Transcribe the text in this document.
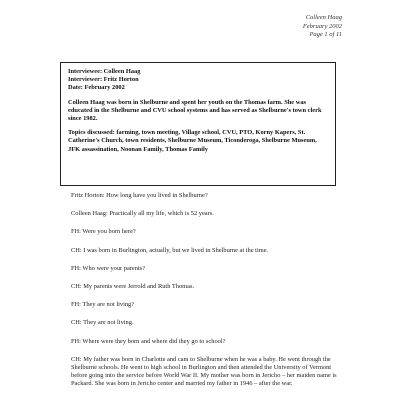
Colleen Haag
February 2002
Page 1 of 11

Interviewee: Colleen Haag

Interviewer: Fritz Horton

Date: February 2002

Colleen Haag was born in Shelburne and spent her youth on the Thomas farm. She was educated in the Shelburne and CVU school systems and has served as Shelburne's town clerk since 1982.

Topics discussed: farming, town meeting, Village school, CVU, PTO, Korny Kapers, St. Catherine's Church, town residents, Shelburne Museum, Ticonderoga, Shelburne Museum, JFK assassination, Noonan Family, Thomas Family

Fritz Horton: How long have you lived in Shelburne?

Colleen Haag: Practically all my life, which is 52 years.

FH: Were you born here?

CH: I was born in Burlington, actually, but we lived in Shelburne at the time.

FH: Who were your parents?

CH: My parents were Jerrold and Ruth Thomas.

FH: They are not living?

CH: They are not living.

FH: Where were they born and where did they go to school?

CH: My father was born in Charlotte and cam to Shelburne when he was a baby. He went through the Shelburne schools. He went to high school in Burlington and then attended the University of Vermont before going into the service before World War II. My mother was born in Jericho – her maiden name is Packard. She was born in Jericho center and married my father in 1946 – after the war.
